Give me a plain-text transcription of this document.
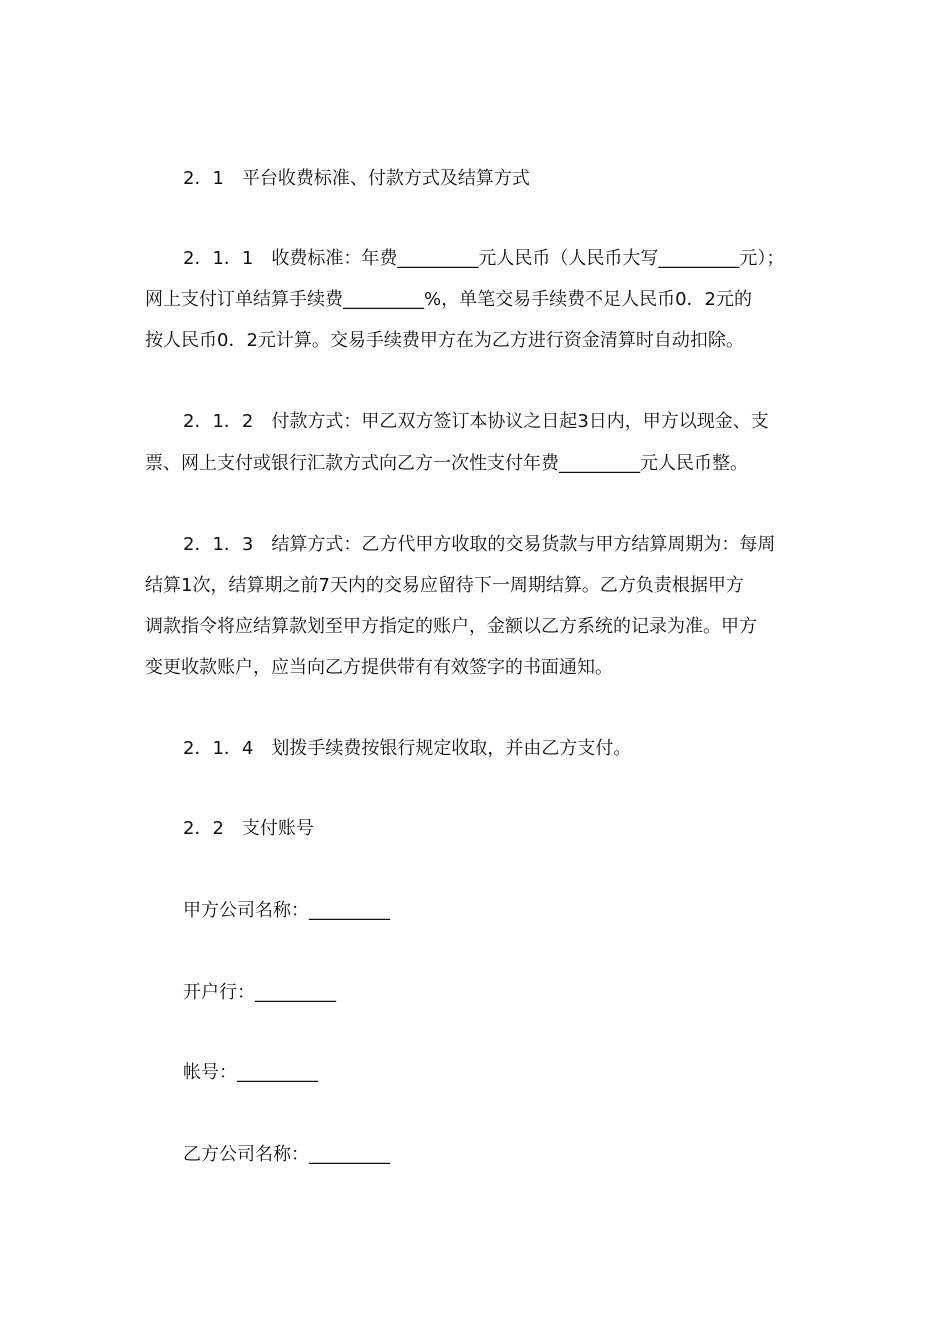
2．1　平台收费标准、付款方式及结算方式
2．1．1　收费标准：年费_________元人民币（人民币大写_________元）；
网上支付订单结算手续费_________%，单笔交易手续费不足人民币0．2元的
按人民币0．2元计算。交易手续费甲方在为乙方进行资金清算时自动扣除。
2．1．2　付款方式：甲乙双方签订本协议之日起3日内，甲方以现金、支
票、网上支付或银行汇款方式向乙方一次性支付年费_________元人民币整。
2．1．3　结算方式：乙方代甲方收取的交易货款与甲方结算周期为：每周
结算1次，结算期之前7天内的交易应留待下一周期结算。乙方负责根据甲方
调款指令将应结算款划至甲方指定的账户，金额以乙方系统的记录为准。甲方
变更收款账户，应当向乙方提供带有有效签字的书面通知。
2．1．4　划拨手续费按银行规定收取，并由乙方支付。
2．2　支付账号
甲方公司名称：_________
开户行：_________
帐号：_________
乙方公司名称：_________
